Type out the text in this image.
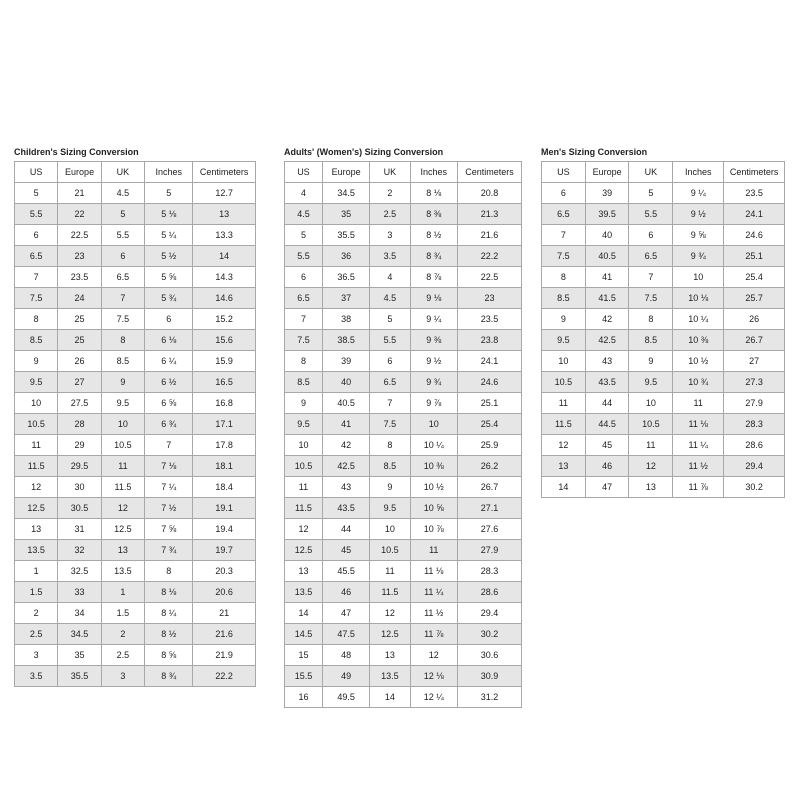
Children's Sizing Conversion
US	Europe	UK	Inches	Centimeters
5	21	4.5	5	12.7
5.5	22	5	5 ⅛	13
6	22.5	5.5	5 ¼	13.3
6.5	23	6	5 ½	14
7	23.5	6.5	5 ⅝	14.3
7.5	24	7	5 ¾	14.6
8	25	7.5	6	15.2
8.5	25	8	6 ⅛	15.6
9	26	8.5	6 ¼	15.9
9.5	27	9	6 ½	16.5
10	27.5	9.5	6 ⅝	16.8
10.5	28	10	6 ¾	17.1
11	29	10.5	7	17.8
11.5	29.5	11	7 ⅛	18.1
12	30	11.5	7 ¼	18.4
12.5	30.5	12	7 ½	19.1
13	31	12.5	7 ⅝	19.4
13.5	32	13	7 ¾	19.7
1	32.5	13.5	8	20.3
1.5	33	1	8 ⅛	20.6
2	34	1.5	8 ¼	21
2.5	34.5	2	8 ½	21.6
3	35	2.5	8 ⅝	21.9
3.5	35.5	3	8 ¾	22.2
Adults' (Women's) Sizing Conversion
US	Europe	UK	Inches	Centimeters
4	34.5	2	8 ⅛	20.8
4.5	35	2.5	8 ⅜	21.3
5	35.5	3	8 ½	21.6
5.5	36	3.5	8 ¾	22.2
6	36.5	4	8 ⅞	22.5
6.5	37	4.5	9 ⅛	23
7	38	5	9 ¼	23.5
7.5	38.5	5.5	9 ⅜	23.8
8	39	6	9 ½	24.1
8.5	40	6.5	9 ¾	24.6
9	40.5	7	9 ⅞	25.1
9.5	41	7.5	10	25.4
10	42	8	10 ¼	25.9
10.5	42.5	8.5	10 ⅜	26.2
11	43	9	10 ½	26.7
11.5	43.5	9.5	10 ⅝	27.1
12	44	10	10 ⅞	27.6
12.5	45	10.5	11	27.9
13	45.5	11	11 ⅛	28.3
13.5	46	11.5	11 ¼	28.6
14	47	12	11 ½	29.4
14.5	47.5	12.5	11 ⅞	30.2
15	48	13	12	30.6
15.5	49	13.5	12 ⅛	30.9
16	49.5	14	12 ¼	31.2
Men's Sizing Conversion
US	Europe	UK	Inches	Centimeters
6	39	5	9 ¼	23.5
6.5	39.5	5.5	9 ½	24.1
7	40	6	9 ⅝	24.6
7.5	40.5	6.5	9 ¾	25.1
8	41	7	10	25.4
8.5	41.5	7.5	10 ⅛	25.7
9	42	8	10 ¼	26
9.5	42.5	8.5	10 ⅜	26.7
10	43	9	10 ½	27
10.5	43.5	9.5	10 ¾	27.3
11	44	10	11	27.9
11.5	44.5	10.5	11 ⅛	28.3
12	45	11	11 ¼	28.6
13	46	12	11 ½	29.4
14	47	13	11 ⅞	30.2
